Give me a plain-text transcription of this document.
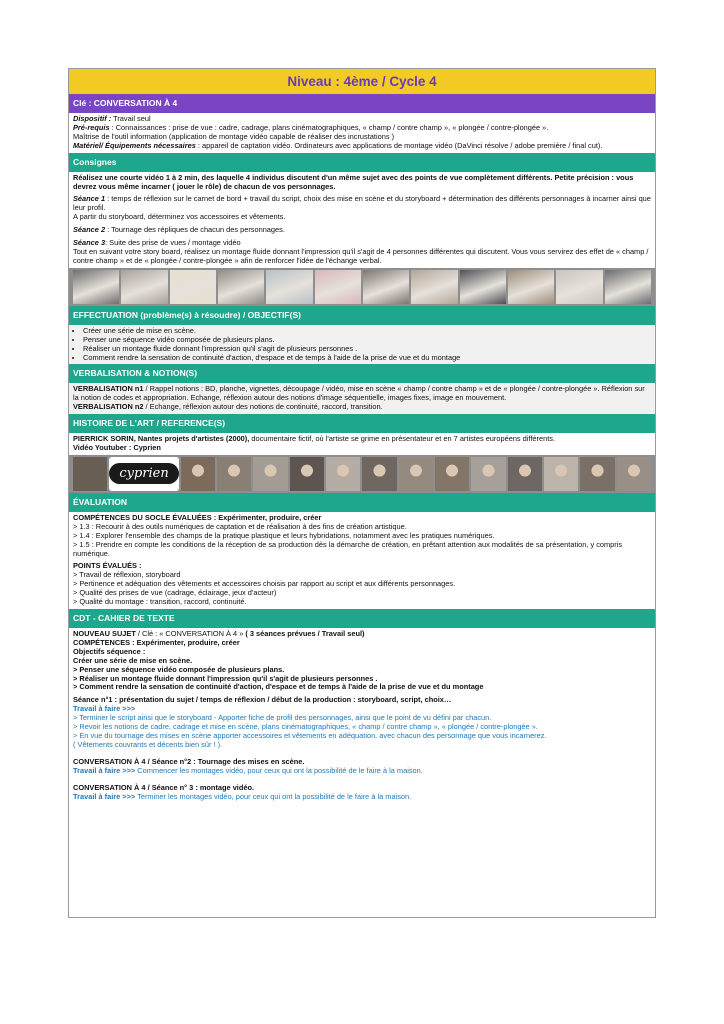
Niveau : 4ème / Cycle 4
Clé : CONVERSATION À 4

Dispositif : Travail seul

Pré-requis : Connaissances : prise de vue : cadre, cadrage, plans cinématographiques, « champ / contre champ », « plongée / contre-plongée ».

Maîtrise de l'outil information (application de montage vidéo capable de réaliser des incrustations )

Matériel/ Équipements nécessaires : appareil de captation vidéo. Ordinateurs avec applications de montage vidéo (DaVinci résolve / adobe première / final cut).

Consignes

Réalisez une courte vidéo 1 à 2 min, des laquelle 4 individus discutent d'un même sujet avec des points de vue complètement différents. Petite précision : vous devrez vous même incarner ( jouer le rôle) de chacun de vos personnages.

Séance 1 : temps de réflexion sur le carnet de bord + travail du script, choix des mise en scène et du storyboard + détermination des différents personnages à incarner ainsi que leur profil.

A partir du storyboard, déterminez vos accessoires et vêtements.

Séance 2 : Tournage des répliques de chacun des personnages.

Séance 3: Suite des prise de vues / montage vidéo

Tout en suivant votre story board, réalisez un montage fluide donnant l'impression qu'il s'agit de 4 personnes différentes qui discutent. Vous vous servirez des effet de « champ / contre champ » et de « plongée / contre-plongée » afin de renforcer l'idée de l'échange verbal.

EFFECTUATION (problème(s) à résoudre) / OBJECTIF(S)
• Créer une série de mise en scène.
• Penser une séquence vidéo composée de plusieurs plans.
• Réaliser un montage fluide donnant l'impression qu'il s'agit de plusieurs personnes .
• Comment rendre la sensation de continuité d'action, d'espace et de temps à l'aide de la prise de vue et du montage
VERBALISATION & NOTION(S)

VERBALISATION n1 / Rappel notions : BD, planche, vignettes, découpage / vidéo, mise en scène « champ / contre champ » et de « plongée / contre-plongée ». Réflexion sur la notion de codes et appropriation. Echange, réflexion autour des notions d'image séquentielle, images fixes, image en mouvement.

VERBALISATION n2 / Echange, réflexion autour des notions de continuité, raccord, transition.

HISTOIRE DE L'ART / REFERENCE(S)

PIERRICK SORIN, Nantes projets d'artistes (2000), documentaire fictif, où l'artiste se grime en présentateur et en 7 artistes européens différents.

Vidéo Youtuber : Cyprien

cyprien
ÉVALUATION

COMPÉTENCES DU SOCLE ÉVALUÉES : Expérimenter, produire, créer

> 1.3 : Recourir à des outils numériques de captation et de réalisation à des fins de création artistique.

> 1.4 : Explorer l'ensemble des champs de la pratique plastique et leurs hybridations, notamment avec les pratiques numériques.

> 1.5 : Prendre en compte les conditions de la réception de sa production dès la démarche de création, en prêtant attention aux modalités de sa présentation, y compris numérique.

POINTS ÉVALUÉS :

> Travail de réflexion, storyboard

> Pertinence et adéquation des vêtements et accessoires choisis par rapport au script et aux différents personnages.

> Qualité des prises de vue (cadrage, éclairage, jeux d'acteur)

> Qualité du montage : transition, raccord, continuité.

CDT - CAHIER DE TEXTE

NOUVEAU SUJET / Clé : « CONVERSATION À 4 » ( 3 séances prévues / Travail seul)

COMPÉTENCES : Expérimenter, produire, créer

Objectifs séquence :

Créer une série de mise en scène.

> Penser une séquence vidéo composée de plusieurs plans.

> Réaliser un montage fluide donnant l'impression qu'il s'agit de plusieurs personnes .

> Comment rendre la sensation de continuité d'action, d'espace et de temps à l'aide de la prise de vue et du montage

Séance n°1 : présentation du sujet / temps de réflexion / début de la production : storyboard, script, choix…

Travail à faire >>>

> Terminer le script ainsi que le storyboard - Apporter fiche de profil des personnages, ainsi que le point de vu défini par chacun.

> Revoir les notions de cadre, cadrage et mise en scène, plans cinématographiques, « champ / contre champ », « plongée / contre-plongée ».

> En vue du tournage des mises en scène apporter accessoires et vêtements en adéquation. avec chacun des personnage que vous incarnerez.

( Vêtements couvrants et décents bien sûr ! ).

CONVERSATION À 4 / Séance n°2 : Tournage des mises en scène.

Travail à faire >>> Commencer les montages vidéo, pour ceux qui ont la possibilité de le faire à la maison.

CONVERSATION À 4 / Séance n° 3 : montage vidéo.

Travail à faire >>> Terminer les montages vidéo, pour ceux qui ont la possibilité de le faire à la maison.
